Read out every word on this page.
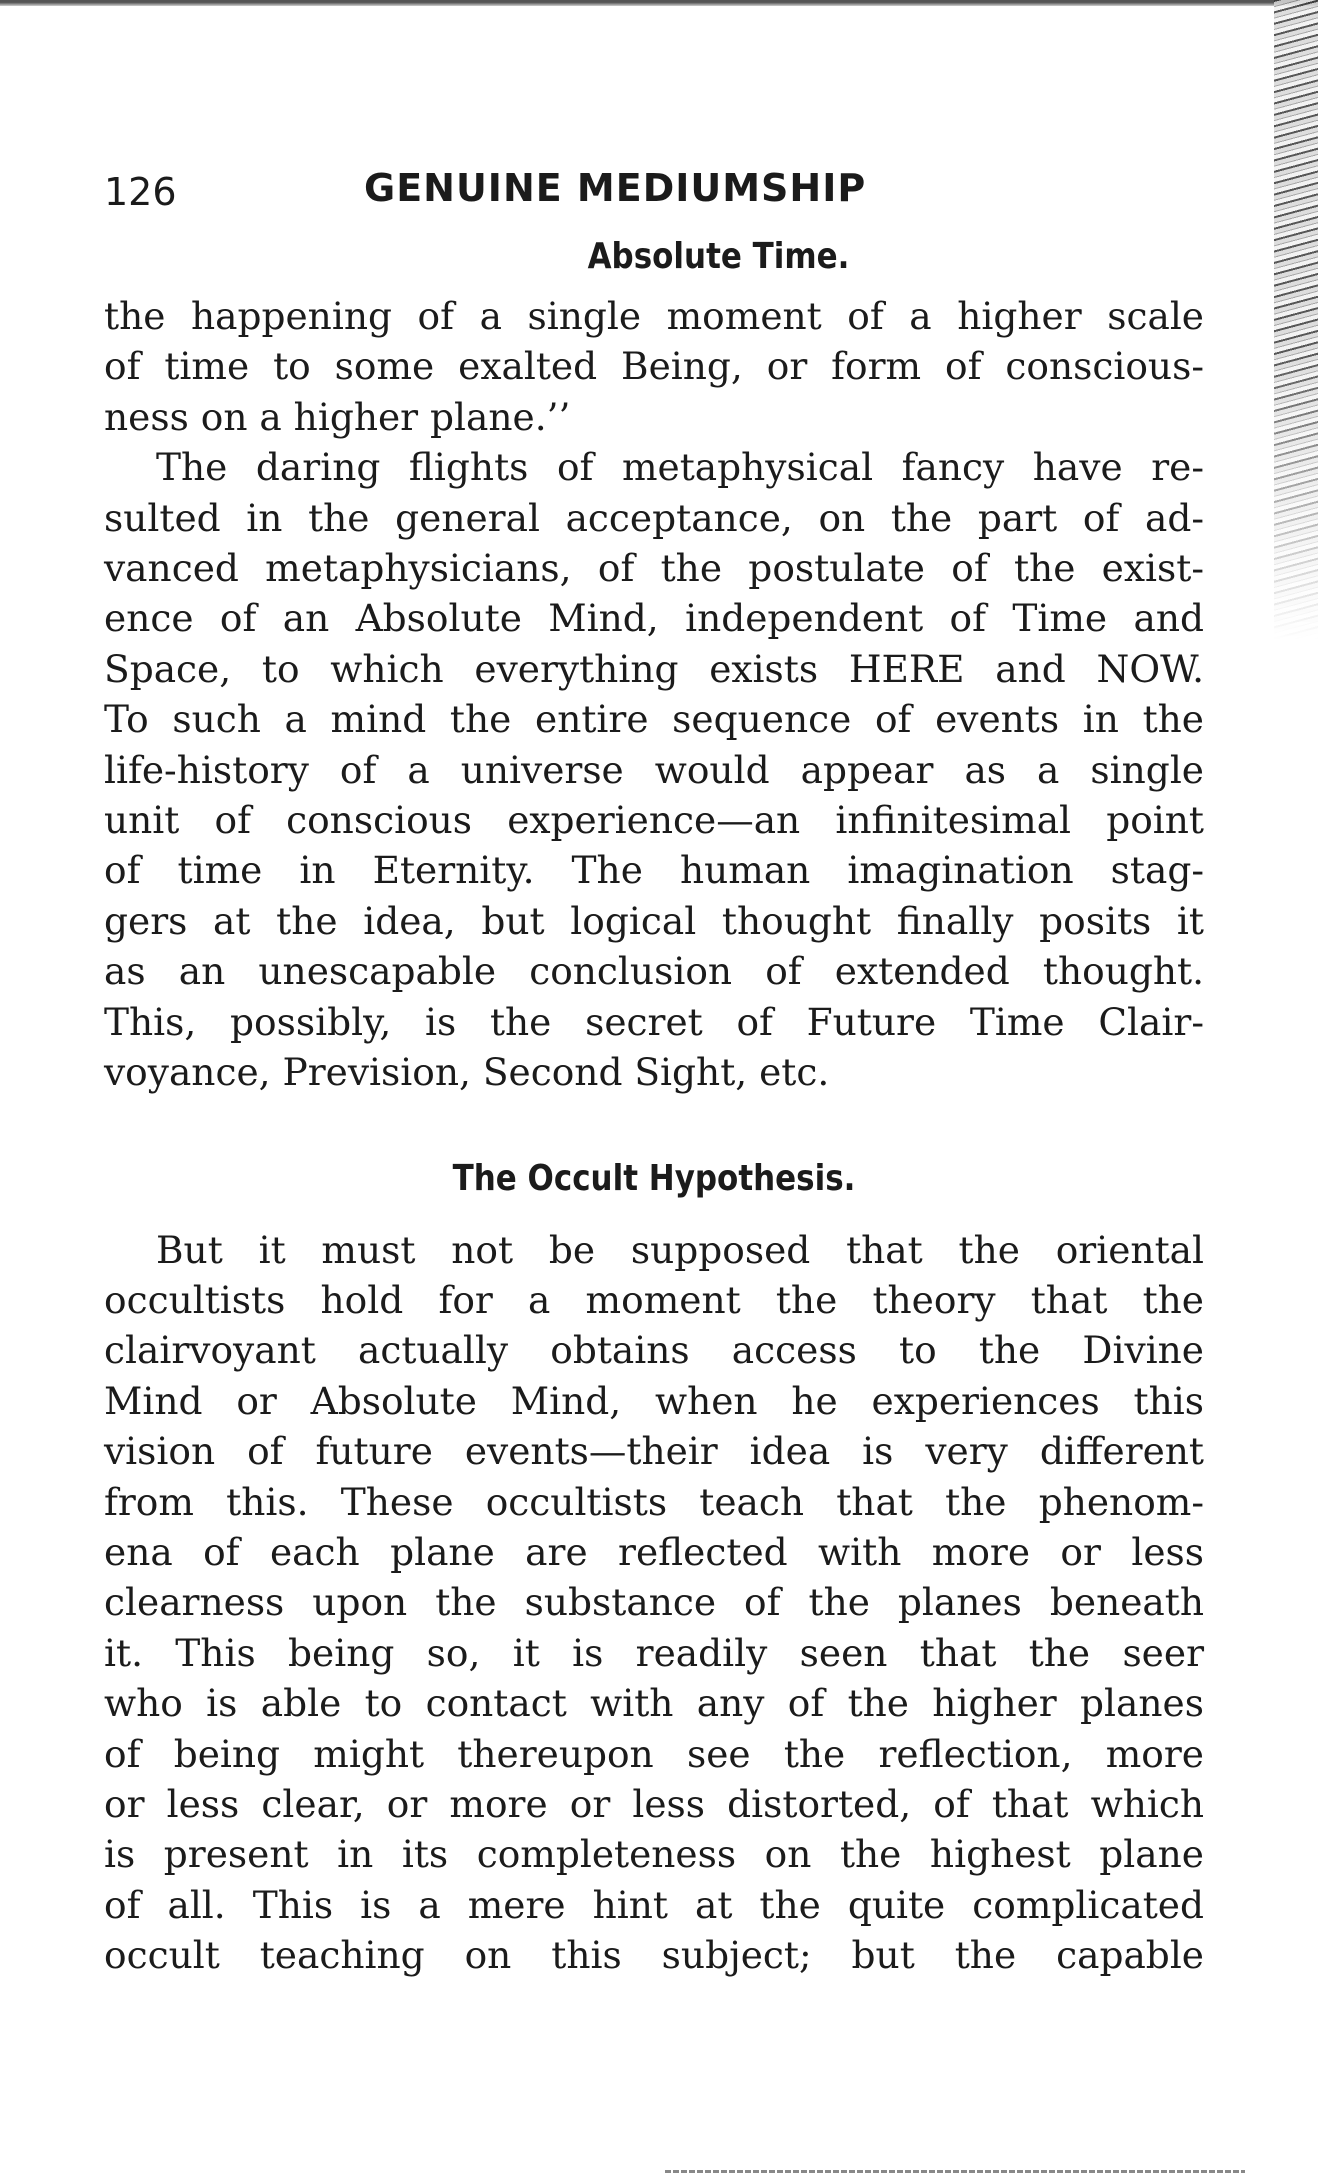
126	GENUINE MEDIUMSHIP
Absolute Time.

the happening of a single moment of a higher scale
of time to some exalted Being, or form of conscious-
ness on a higher plane.’’

The daring flights of metaphysical fancy have re-
sulted in the general acceptance, on the part of ad-
vanced metaphysicians, of the postulate of the exist-
ence of an Absolute Mind, independent of Time and
Space, to which everything exists HERE and NOW.
To such a mind the entire sequence of events in the
life-history of a universe would appear as a single
unit of conscious experience—an infinitesimal point
of time in Eternity. The human imagination stag-
gers at the idea, but logical thought finally posits it
as an unescapable conclusion of extended thought.
This, possibly, is the secret of Future Time Clair-
voyance, Prevision, Second Sight, etc.

The Occult Hypothesis.

But it must not be supposed that the oriental
occultists hold for a moment the theory that the
clairvoyant actually obtains access to the Divine
Mind or Absolute Mind, when he experiences this
vision of future events—their idea is very different
from this. These occultists teach that the phenom-
ena of each plane are reflected with more or less
clearness upon the substance of the planes beneath
it. This being so, it is readily seen that the seer
who is able to contact with any of the higher planes
of being might thereupon see the reflection, more
or less clear, or more or less distorted, of that which
is present in its completeness on the highest plane
of all. This is a mere hint at the quite complicated
occult teaching on this subject; but the capable
